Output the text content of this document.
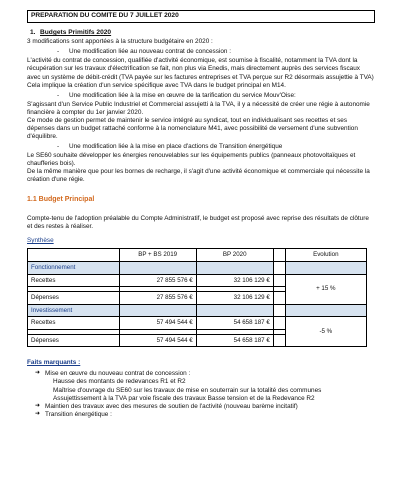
PREPARATION DU COMITE DU 7 JUILLET 2020
1. Budgets Primitifs 2020

3 modifications sont apportées à la structure budgétaire en 2020 :

- Une modification liée au nouveau contrat de concession :

L'activité du contrat de concession, qualifiée d'activité économique, est soumise à fiscalité, notamment la TVA dont la récupération sur les travaux d'électrification se fait, non plus via Enedis, mais directement auprès des services fiscaux avec un système de débit-crédit (TVA payée sur les factures entreprises et TVA perçue sur R2 désormais assujettie à TVA)

Cela implique la création d'un service spécifique avec TVA dans le budget principal en M14.

- Une modification liée à la mise en œuvre de la tarification du service Mouv'Oise:

S'agissant d'un Service Public Industriel et Commercial assujetti à la TVA, il y a nécessité de créer une régie à autonomie financière à compter du 1er janvier 2020.

Ce mode de gestion permet de maintenir le service intégré au syndicat, tout en individualisant ses recettes et ses dépenses dans un budget rattaché conforme à la nomenclature M41, avec possibilité de versement d'une subvention d'équilibre.

- Une modification liée à la mise en place d'actions de Transition énergétique

Le SE60 souhaite développer les énergies renouvelables sur les équipements publics (panneaux photovoltaïques et chaufferies bois).

De la même manière que pour les bornes de recharge, il s'agit d'une activité économique et commerciale qui nécessite la création d'une régie.

1.1 Budget Principal

Compte-tenu de l'adoption préalable du Compte Administratif, le budget est proposé avec reprise des résultats de clôture et des restes à réaliser.

Synthèse
	BP + BS 2019	BP 2020		Evolution
Fonctionnement				
Recettes	27 855 576 €	32 106 129 €		+ 15 %

Dépenses	27 855 576 €	32 106 129 €		
Investissement				
Recettes	57 494 544 €	54 658 187 €		-5 %

Dépenses	57 494 544 €	54 658 187 €		
Faits marquants :
➜ Mise en œuvre du nouveau contrat de concession :
Hausse des montants de redevances R1 et R2
Maîtrise d'ouvrage du SE60 sur les travaux de mise en souterrain sur la totalité des communes
Assujettissement à la TVA par voie fiscale des travaux Basse tension et de la Redevance R2
➜ Maintien des travaux avec des mesures de soutien de l'activité (nouveau barème incitatif)
➜ Transition énergétique :
